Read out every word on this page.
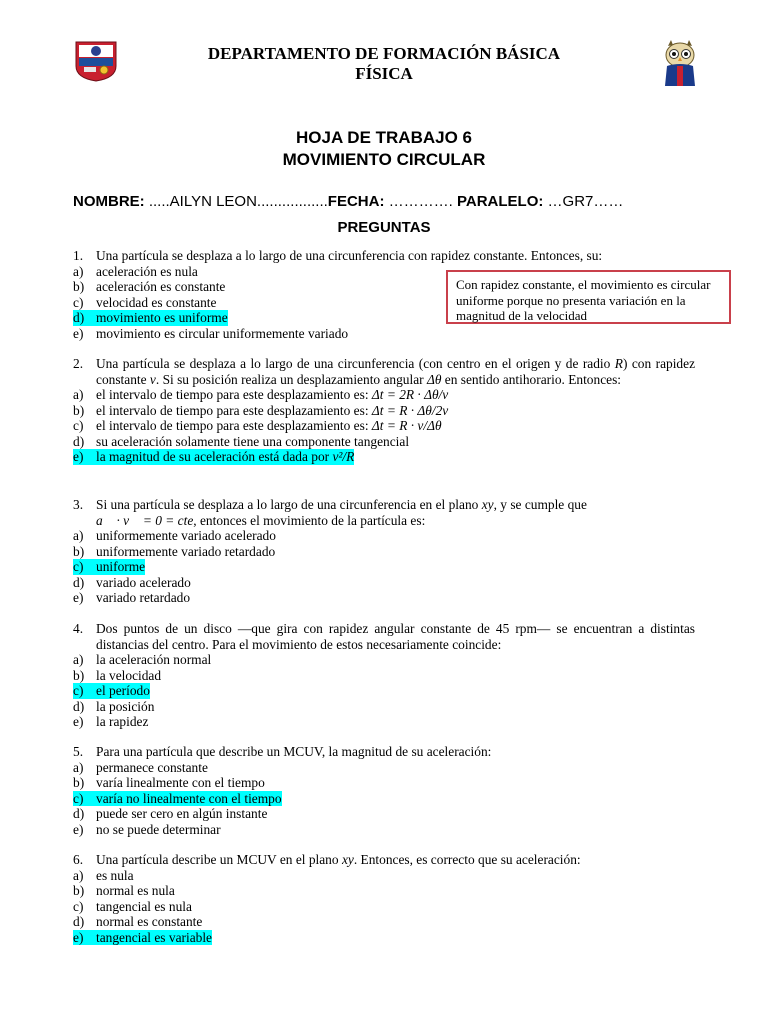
DEPARTAMENTO DE FORMACIÓN BÁSICA
FÍSICA
HOJA DE TRABAJO 6
MOVIMIENTO CIRCULAR
NOMBRE: .....AILYN LEON.................FECHA: …………. PARALELO: …GR7……
PREGUNTAS
Con rapidez constante, el movimiento es circular uniforme porque no presenta variación en la magnitud de la velocidad
1. Una partícula se desplaza a lo largo de una circunferencia con rapidez constante. Entonces, su:
a) aceleración es nula
b) aceleración es constante
c) velocidad es constante
d) movimiento es uniforme
e) movimiento es circular uniformemente variado
2. Una partícula se desplaza a lo largo de una circunferencia (con centro en el origen y de radio R) con rapidez constante v. Si su posición realiza un desplazamiento angular Δθ en sentido antihorario. Entonces:
a) el intervalo de tiempo para este desplazamiento es: Δt = 2R · Δθ/v
b) el intervalo de tiempo para este desplazamiento es: Δt = R · Δθ/2v
c) el intervalo de tiempo para este desplazamiento es: Δt = R · v/Δθ
d) su aceleración solamente tiene una componente tangencial
e) la magnitud de su aceleración está dada por v²/R
3. Si una partícula se desplaza a lo largo de una circunferencia en el plano xy, y se cumple que
a⃗ · v⃗ = 0 = cte, entonces el movimiento de la partícula es:
a) uniformemente variado acelerado
b) uniformemente variado retardado
c) uniforme
d) variado acelerado
e) variado retardado
4. Dos puntos de un disco —que gira con rapidez angular constante de 45 rpm— se encuentran a distintas distancias del centro. Para el movimiento de estos necesariamente coincide:
a) la aceleración normal
b) la velocidad
c) el período
d) la posición
e) la rapidez
5. Para una partícula que describe un MCUV, la magnitud de su aceleración:
a) permanece constante
b) varía linealmente con el tiempo
c) varía no linealmente con el tiempo
d) puede ser cero en algún instante
e) no se puede determinar
6. Una partícula describe un MCUV en el plano xy. Entonces, es correcto que su aceleración:
a) es nula
b) normal es nula
c) tangencial es nula
d) normal es constante
e) tangencial es variable
